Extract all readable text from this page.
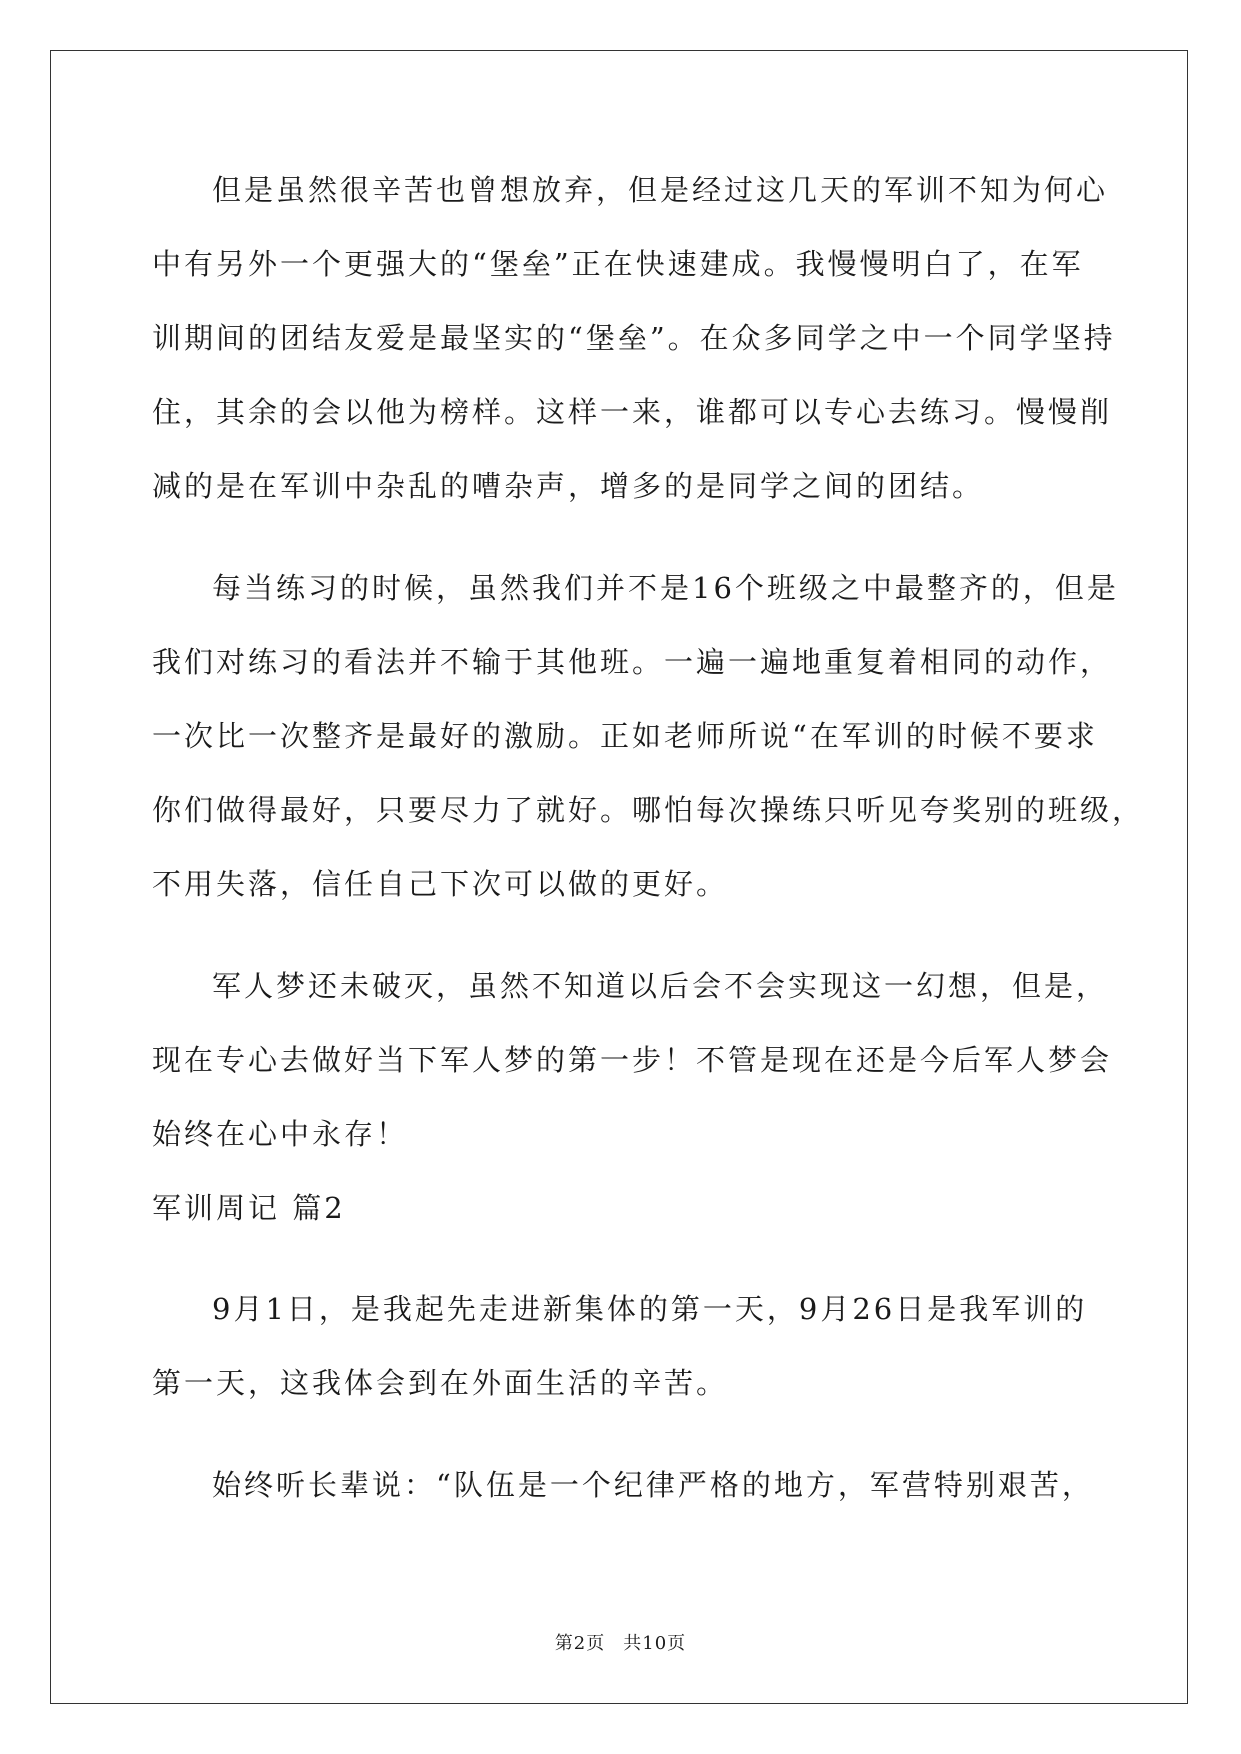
但是虽然很辛苦也曾想放弃，但是经过这几天的军训不知为何心
中有另外一个更强大的“堡垒”正在快速建成。我慢慢明白了，在军
训期间的团结友爱是最坚实的“堡垒”。在众多同学之中一个同学坚持
住，其余的会以他为榜样。这样一来，谁都可以专心去练习。慢慢削
减的是在军训中杂乱的嘈杂声，增多的是同学之间的团结。
每当练习的时候，虽然我们并不是16个班级之中最整齐的，但是
我们对练习的看法并不输于其他班。一遍一遍地重复着相同的动作，
一次比一次整齐是最好的激励。正如老师所说“在军训的时候不要求
你们做得最好，只要尽力了就好。哪怕每次操练只听见夸奖别的班级，
不用失落，信任自己下次可以做的更好。
军人梦还未破灭，虽然不知道以后会不会实现这一幻想，但是，
现在专心去做好当下军人梦的第一步！不管是现在还是今后军人梦会
始终在心中永存！
军训周记 篇2
9月1日，是我起先走进新集体的第一天，9月26日是我军训的
第一天，这我体会到在外面生活的辛苦。
始终听长辈说：“队伍是一个纪律严格的地方，军营特别艰苦，
第2页 共10页
